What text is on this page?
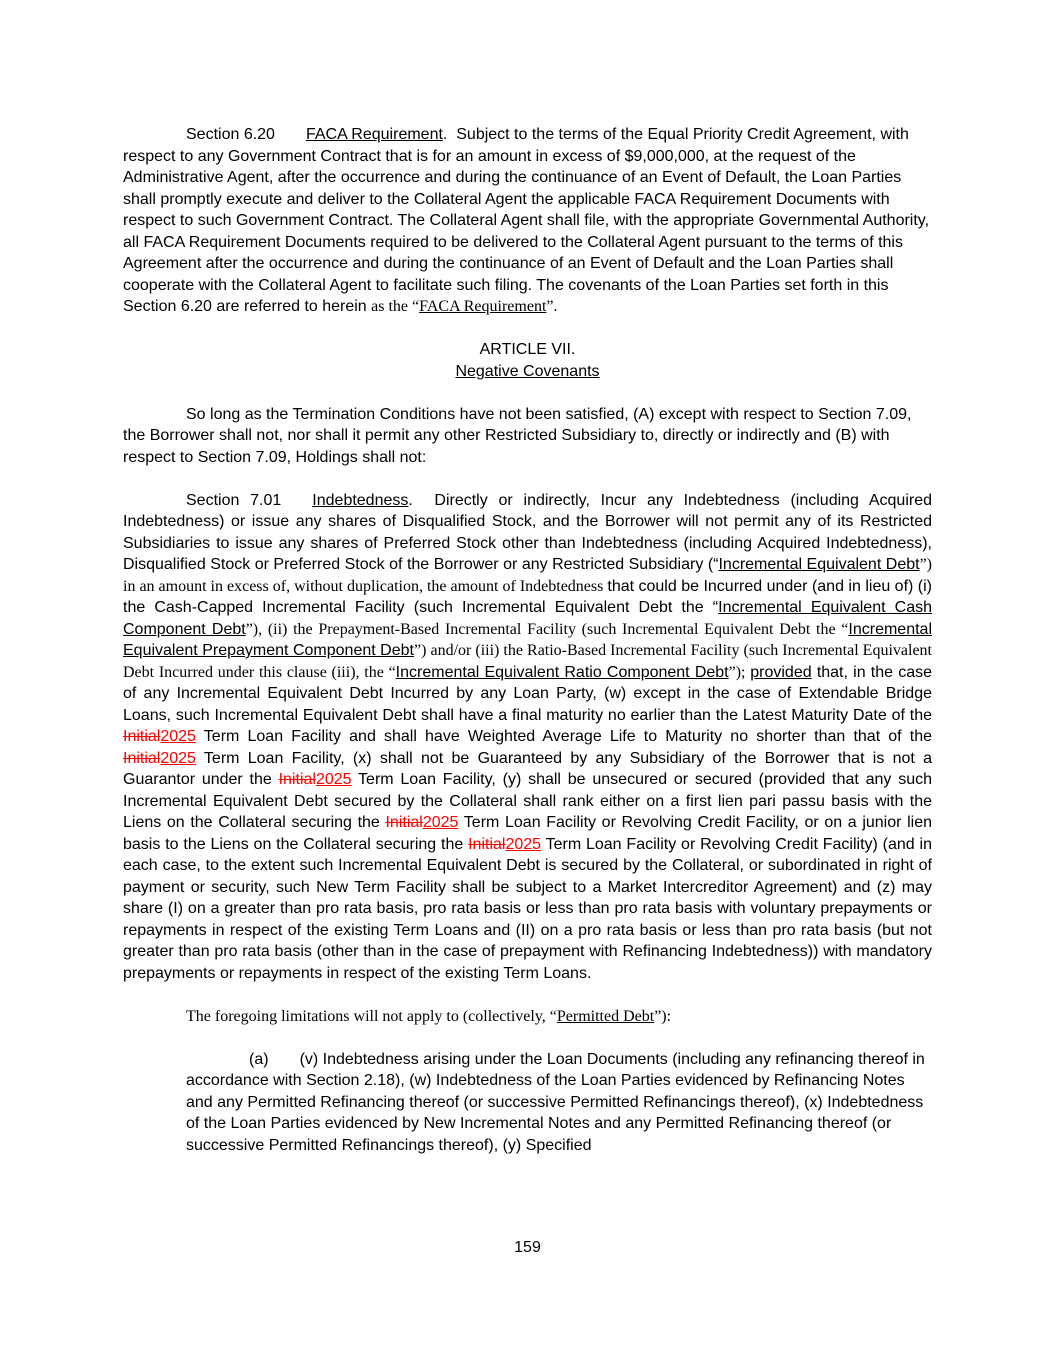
Section 6.20 FACA Requirement.  Subject to the terms of the Equal Priority Credit Agreement, with respect to any Government Contract that is for an amount in excess of $9,000,000, at the request of the Administrative Agent, after the occurrence and during the continuance of an Event of Default, the Loan Parties shall promptly execute and deliver to the Collateral Agent the applicable FACA Requirement Documents with respect to such Government Contract. The Collateral Agent shall file, with the appropriate Governmental Authority, all FACA Requirement Documents required to be delivered to the Collateral Agent pursuant to the terms of this Agreement after the occurrence and during the continuance of an Event of Default and the Loan Parties shall cooperate with the Collateral Agent to facilitate such filing. The covenants of the Loan Parties set forth in this Section 6.20 are referred to herein as the “FACA Requirement”.

ARTICLE VII.

Negative Covenants

So long as the Termination Conditions have not been satisfied, (A) except with respect to Section 7.09, the Borrower shall not, nor shall it permit any other Restricted Subsidiary to, directly or indirectly and (B) with respect to Section 7.09, Holdings shall not:

Section 7.01 Indebtedness.  Directly or indirectly, Incur any Indebtedness (including Acquired Indebtedness) or issue any shares of Disqualified Stock, and the Borrower will not permit any of its Restricted Subsidiaries to issue any shares of Preferred Stock other than Indebtedness (including Acquired Indebtedness), Disqualified Stock or Preferred Stock of the Borrower or any Restricted Subsidiary (“Incremental Equivalent Debt”) in an amount in excess of, without duplication, the amount of Indebtedness that could be Incurred under (and in lieu of) (i) the Cash-Capped Incremental Facility (such Incremental Equivalent Debt the “Incremental Equivalent Cash Component Debt”), (ii) the Prepayment-Based Incremental Facility (such Incremental Equivalent Debt the “Incremental Equivalent Prepayment Component Debt”) and/or (iii) the Ratio-Based Incremental Facility (such Incremental Equivalent Debt Incurred under this clause (iii), the “Incremental Equivalent Ratio Component Debt”); provided that, in the case of any Incremental Equivalent Debt Incurred by any Loan Party, (w) except in the case of Extendable Bridge Loans, such Incremental Equivalent Debt shall have a final maturity no earlier than the Latest Maturity Date of the Initial2025 Term Loan Facility and shall have Weighted Average Life to Maturity no shorter than that of the Initial2025 Term Loan Facility, (x) shall not be Guaranteed by any Subsidiary of the Borrower that is not a Guarantor under the Initial2025 Term Loan Facility, (y) shall be unsecured or secured (provided that any such Incremental Equivalent Debt secured by the Collateral shall rank either on a first lien pari passu basis with the Liens on the Collateral securing the Initial2025 Term Loan Facility or Revolving Credit Facility, or on a junior lien basis to the Liens on the Collateral securing the Initial2025 Term Loan Facility or Revolving Credit Facility) (and in each case, to the extent such Incremental Equivalent Debt is secured by the Collateral, or subordinated in right of payment or security, such New Term Facility shall be subject to a Market Intercreditor Agreement) and (z) may share (I) on a greater than pro rata basis, pro rata basis or less than pro rata basis with voluntary prepayments or repayments in respect of the existing Term Loans and (II) on a pro rata basis or less than pro rata basis (but not greater than pro rata basis (other than in the case of prepayment with Refinancing Indebtedness)) with mandatory prepayments or repayments in respect of the existing Term Loans.

The foregoing limitations will not apply to (collectively, “Permitted Debt”):

(a) (v) Indebtedness arising under the Loan Documents (including any refinancing thereof in accordance with Section 2.18), (w) Indebtedness of the Loan Parties evidenced by Refinancing Notes and any Permitted Refinancing thereof (or successive Permitted Refinancings thereof), (x) Indebtedness of the Loan Parties evidenced by New Incremental Notes and any Permitted Refinancing thereof (or successive Permitted Refinancings thereof), (y) Specified

159
